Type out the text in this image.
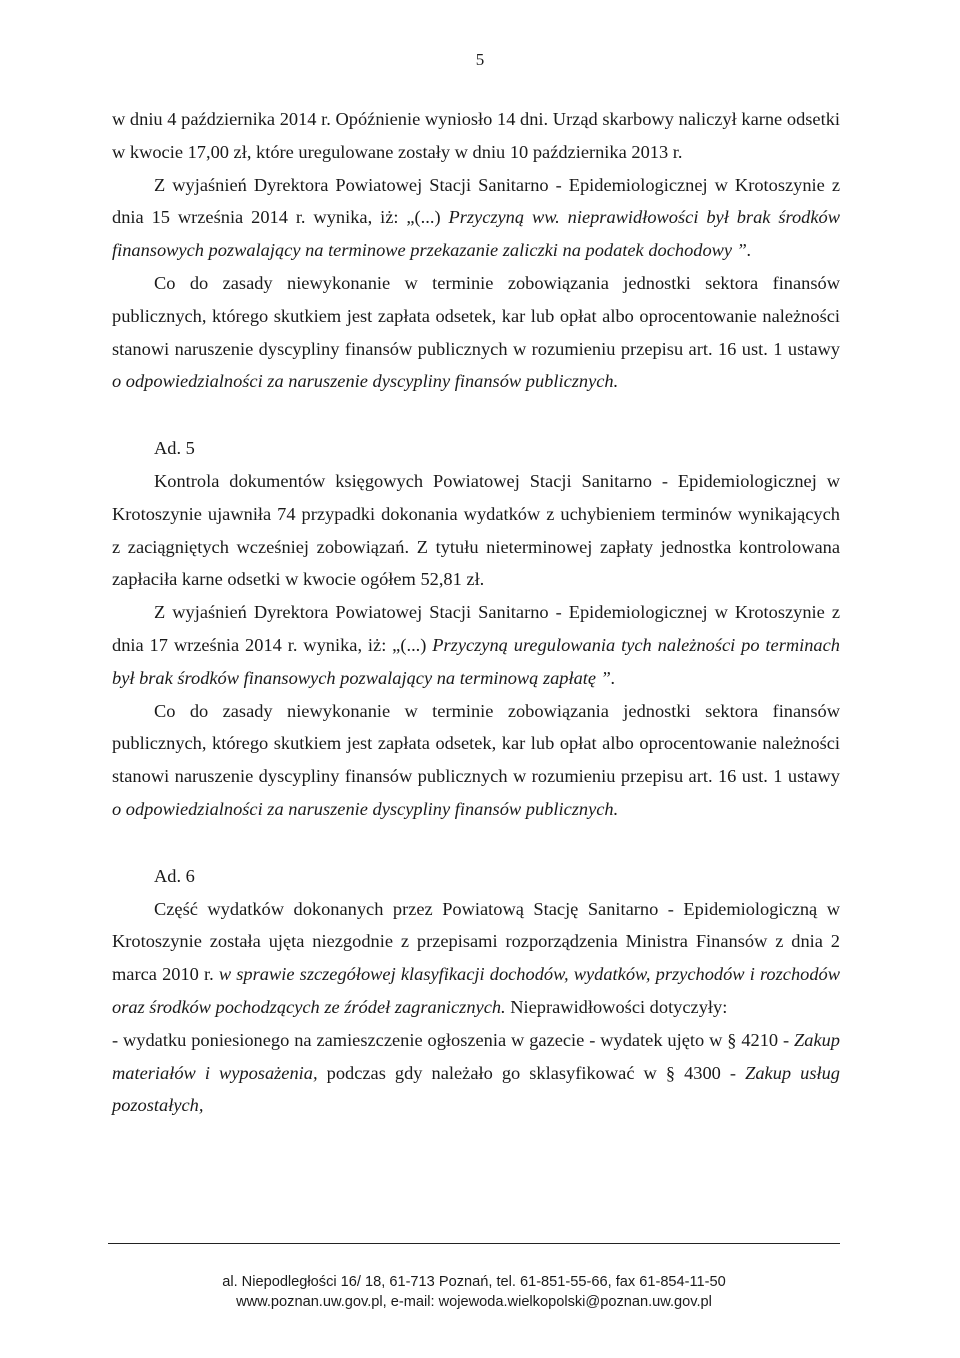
5

w dniu 4 października 2014 r. Opóźnienie wyniosło 14 dni. Urząd skarbowy naliczył karne odsetki w kwocie 17,00 zł, które uregulowane zostały w dniu 10 października 2013 r.

Z wyjaśnień Dyrektora Powiatowej Stacji Sanitarno - Epidemiologicznej w Krotoszynie z dnia 15 września 2014 r. wynika, iż: „(...) Przyczyną ww. nieprawidłowości był brak środków finansowych pozwalający na terminowe przekazanie zaliczki na podatek dochodowy ”.

Co do zasady niewykonanie w terminie zobowiązania jednostki sektora finansów publicznych, którego skutkiem jest zapłata odsetek, kar lub opłat albo oprocentowanie należności stanowi naruszenie dyscypliny finansów publicznych w rozumieniu przepisu art. 16 ust. 1 ustawy o odpowiedzialności za naruszenie dyscypliny finansów publicznych.

Ad. 5

Kontrola dokumentów księgowych Powiatowej Stacji Sanitarno - Epidemiologicznej w Krotoszynie ujawniła 74 przypadki dokonania wydatków z uchybieniem terminów wynikających z zaciągniętych wcześniej zobowiązań. Z tytułu nieterminowej zapłaty jednostka kontrolowana zapłaciła karne odsetki w kwocie ogółem 52,81 zł.

Z wyjaśnień Dyrektora Powiatowej Stacji Sanitarno - Epidemiologicznej w Krotoszynie z dnia 17 września 2014 r. wynika, iż: „(...) Przyczyną uregulowania tych należności po terminach był brak środków finansowych pozwalający na terminową zapłatę ”.

Co do zasady niewykonanie w terminie zobowiązania jednostki sektora finansów publicznych, którego skutkiem jest zapłata odsetek, kar lub opłat albo oprocentowanie należności stanowi naruszenie dyscypliny finansów publicznych w rozumieniu przepisu art. 16 ust. 1 ustawy o odpowiedzialności za naruszenie dyscypliny finansów publicznych.

Ad. 6

Część wydatków dokonanych przez Powiatową Stację Sanitarno - Epidemiologiczną w Krotoszynie została ujęta niezgodnie z przepisami rozporządzenia Ministra Finansów z dnia 2 marca 2010 r. w sprawie szczegółowej klasyfikacji dochodów, wydatków, przychodów i rozchodów oraz środków pochodzących ze źródeł zagranicznych. Nieprawidłowości dotyczyły:

- wydatku poniesionego na zamieszczenie ogłoszenia w gazecie - wydatek ujęto w § 4210 - Zakup materiałów i wyposażenia, podczas gdy należało go sklasyfikować w § 4300 - Zakup usług pozostałych,

al. Niepodległości 16/ 18, 61-713 Poznań, tel. 61-851-55-66, fax 61-854-11-50
www.poznan.uw.gov.pl, e-mail: wojewoda.wielkopolski@poznan.uw.gov.pl
